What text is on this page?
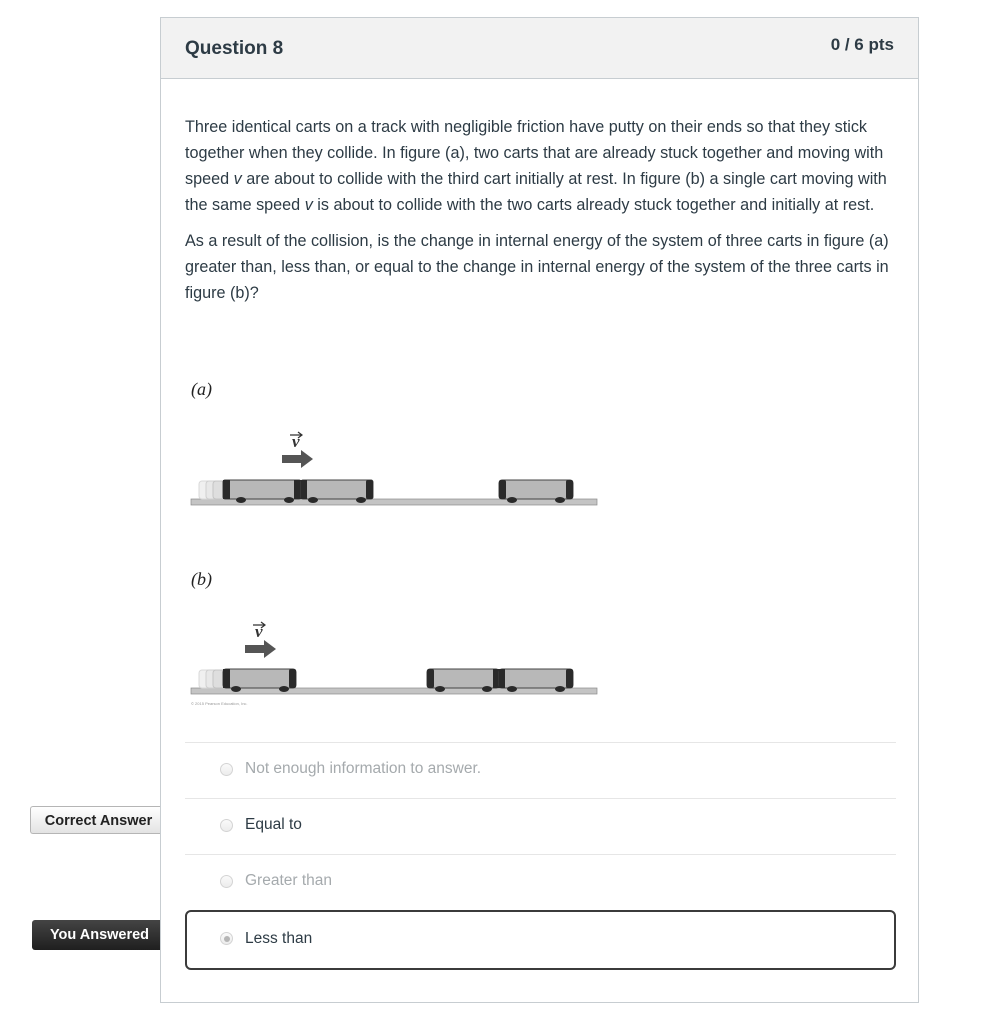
Correct Answer
You Answered
Question 8	0 / 6 pts

Three identical carts on a track with negligible friction have putty on their ends so that they stick together when they collide. In figure (a), two carts that are already stuck together and moving with speed v are about to collide with the third cart initially at rest. In figure (b) a single cart moving with the same speed v is about to collide with the two carts already stuck together and initially at rest.

As a result of the collision, is the change in internal energy of the system of three carts in figure (a) greater than, less than, or equal to the change in internal energy of the system of the three carts in figure (b)?

(a)
v
(b)
v
© 2015 Pearson Education, Inc.
Not enough information to answer.
Equal to
Greater than
Less than
